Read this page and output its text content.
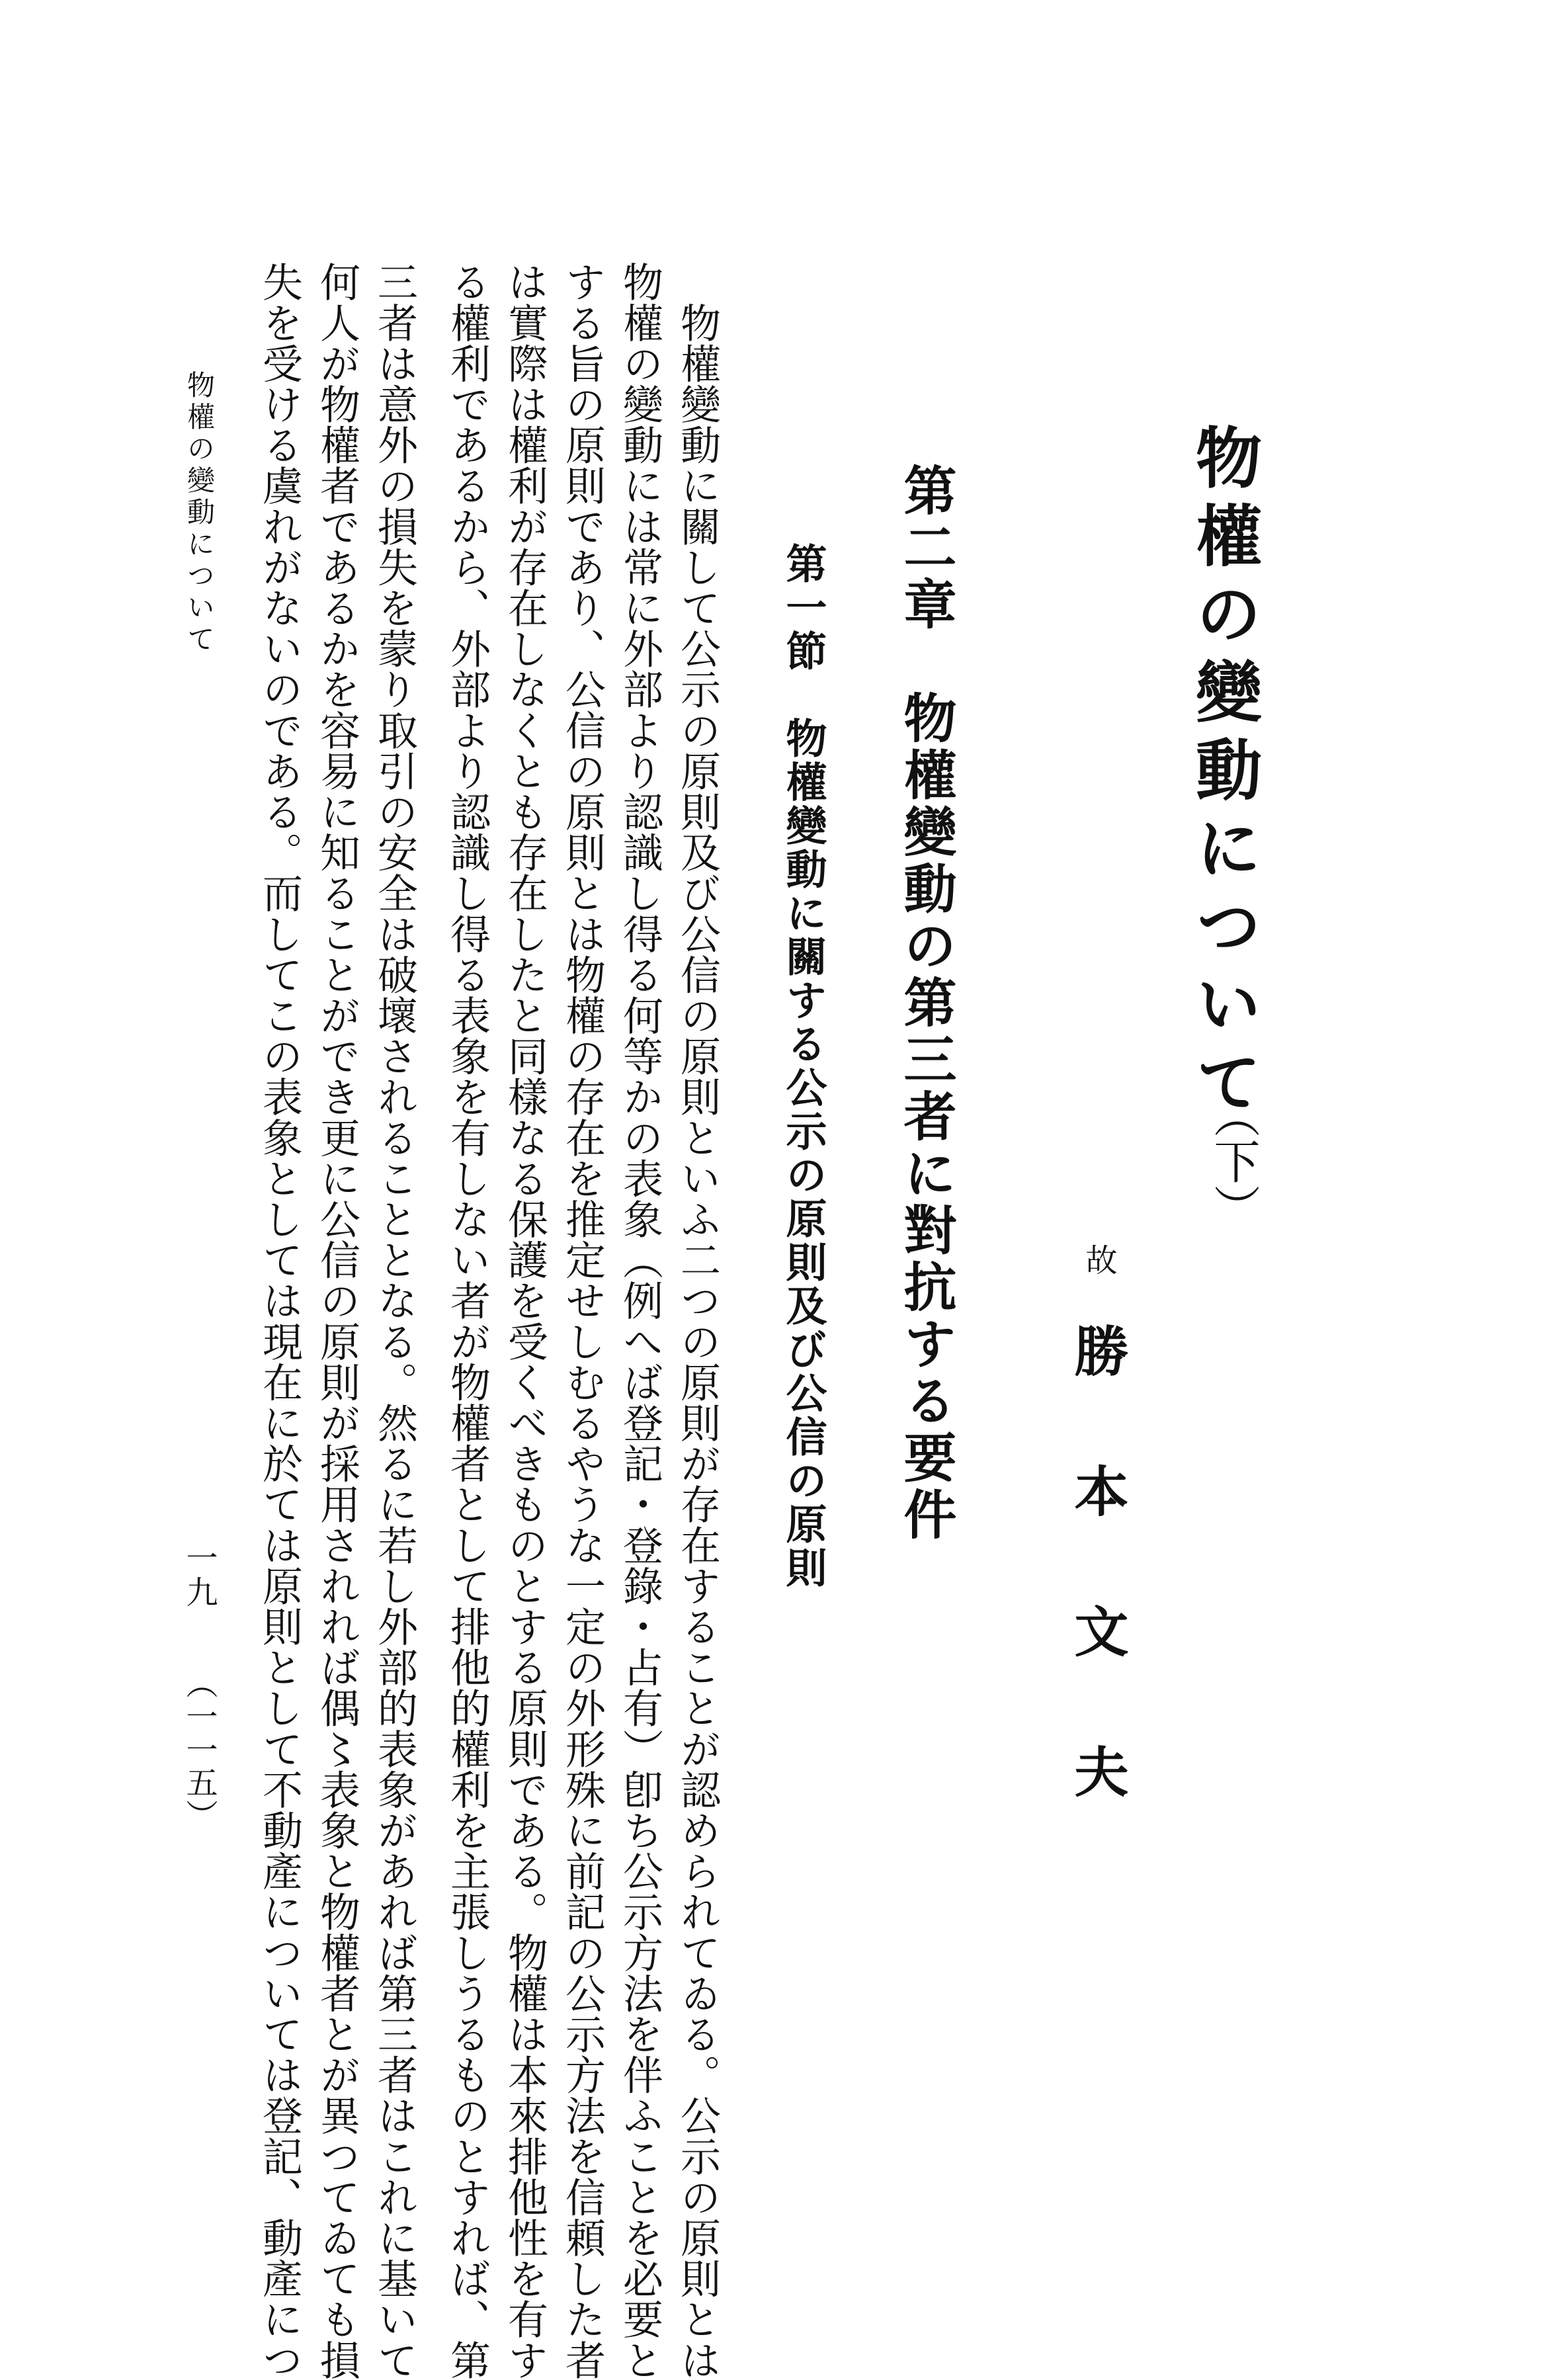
物權の變動について
（下）
故
勝本文夫
第二章　物權變動の第三者に對抗する要件
第一節　物權變動に關する公示の原則及び公信の原則
　物權變動に關して公示の原則及び公信の原則といふ二つの原則が存在することが認められてゐる。公示の原則とは
物權の變動には常に外部より認識し得る何等かの表象（例へば登記・登錄・占有）卽ち公示方法を伴ふことを必要と
する旨の原則であり、公信の原則とは物權の存在を推定せしむるやうな一定の外形殊に前記の公示方法を信頼した者
は實際は權利が存在しなくとも存在したと同樣なる保護を受くべきものとする原則である。物權は本來排他性を有す
る權利であるから、外部より認識し得る表象を有しない者が物權者として排他的權利を主張しうるものとすれば、第
三者は意外の損失を蒙り取引の安全は破壞されることとなる。然るに若し外部的表象があれば第三者はこれに基いて
何人が物權者であるかを容易に知ることができ更に公信の原則が採用されれば偶〻表象と物權者とが異つてゐても損
失を受ける虞れがないのである。而してこの表象としては現在に於ては原則として不動產については登記、動產につ
物權の變動について
一九
（一一五）
